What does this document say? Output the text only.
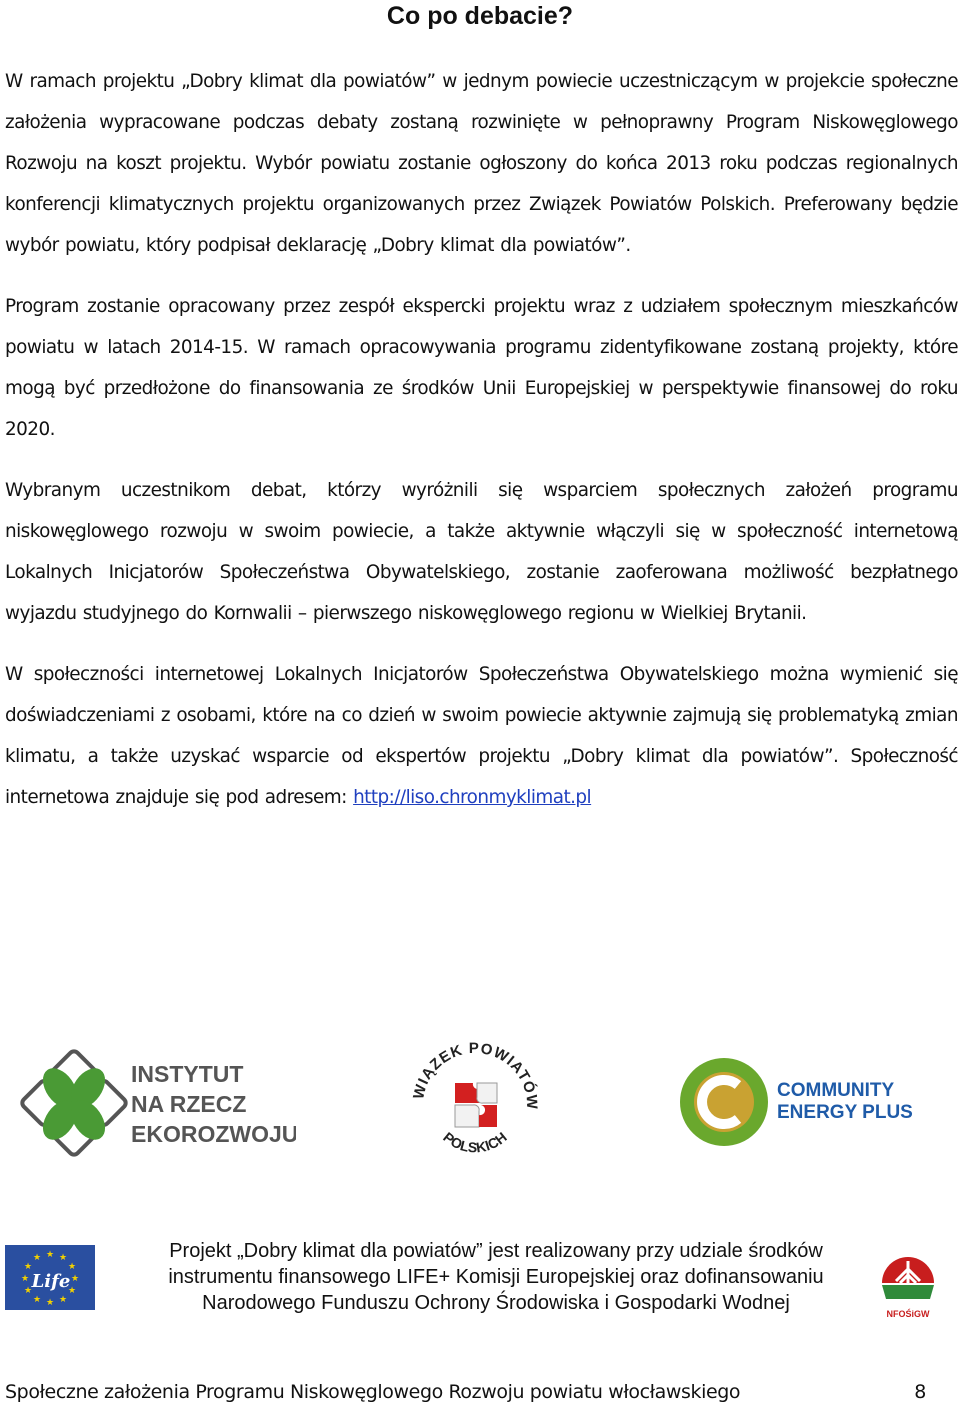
Co po debacie?

W ramach projektu „Dobry klimat dla powiatów” w jednym powiecie uczestniczącym w projekcie społeczne założenia wypracowane podczas debaty zostaną rozwinięte w pełnoprawny Program Niskowęglowego Rozwoju na koszt projektu. Wybór powiatu zostanie ogłoszony do końca 2013 roku podczas regionalnych konferencji klimatycznych projektu organizowanych przez Związek Powiatów Polskich. Preferowany będzie wybór powiatu, który podpisał deklarację „Dobry klimat dla powiatów”.

Program zostanie opracowany przez zespół ekspercki projektu wraz z udziałem społecznym mieszkańców powiatu w latach 2014-15. W ramach opracowywania programu zidentyfikowane zostaną projekty, które mogą być przedłożone do finansowania ze środków Unii Europejskiej w perspektywie finansowej do roku 2020.

Wybranym uczestnikom debat, którzy wyróżnili się wsparciem społecznych założeń programu niskowęglowego rozwoju w swoim powiecie, a także aktywnie włączyli się w społeczność internetową Lokalnych Inicjatorów Społeczeństwa Obywatelskiego, zostanie zaoferowana możliwość bezpłatnego wyjazdu studyjnego do Kornwalii – pierwszego niskowęglowego regionu w Wielkiej Brytanii.

W społeczności internetowej Lokalnych Inicjatorów Społeczeństwa Obywatelskiego można wymienić się doświadczeniami z osobami, które na co dzień w swoim powiecie aktywnie zajmują się problematyką zmian klimatu, a także uzyskać wsparcie od ekspertów projektu „Dobry klimat dla powiatów”. Społeczność internetowa znajduje się pod adresem: http://liso.chronmyklimat.pl

INSTYTUT
NA RZECZ
EKOROZWOJU
WIĄZEK POWIATÓW
POLSKICH
COMMUNITY
ENERGY PLUS
★ ★
★
★
★
★
★
★
★
★
★
★
Life
Projekt „Dobry klimat dla powiatów” jest realizowany przy udziale środków
instrumentu finansowego LIFE+ Komisji Europejskiej oraz dofinansowaniu
Narodowego Funduszu Ochrony Środowiska i Gospodarki Wodnej	NFOŚiGW
Społeczne założenia Programu Niskowęglowego Rozwoju powiatu włocławskiego	8
